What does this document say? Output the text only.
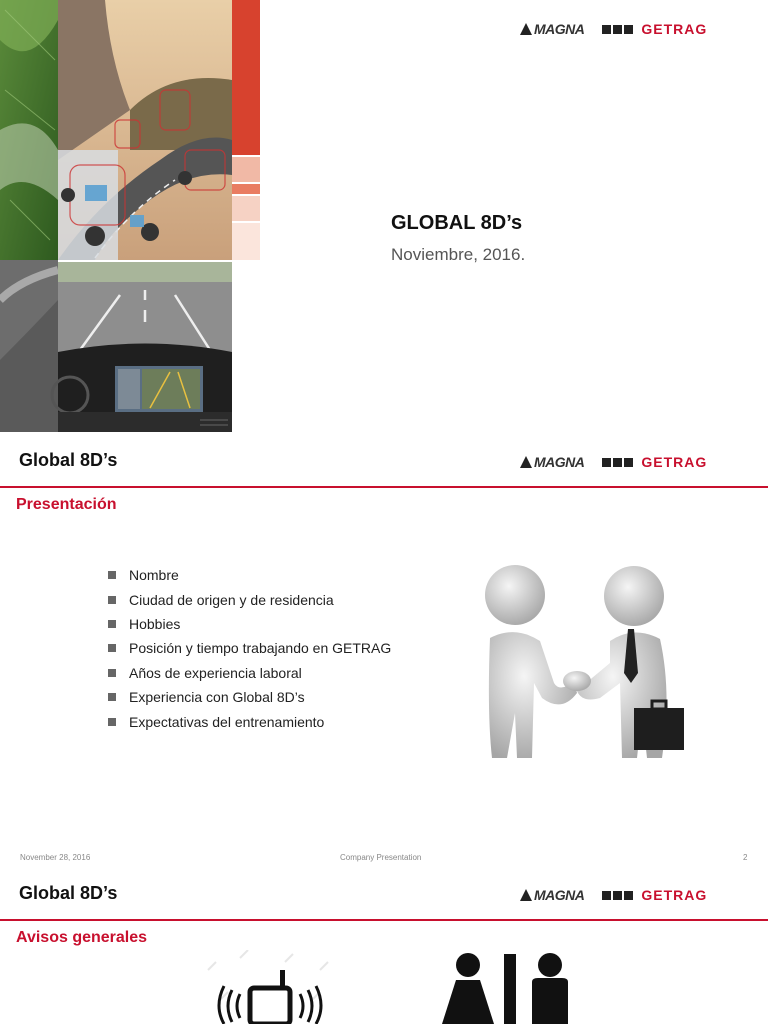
MAGNA	GETRAG
GLOBAL 8D’s
Noviembre, 2016.
Global 8D’s	MAGNA	GETRAG
Presentación
Nombre
Ciudad de origen y de residencia
Hobbies
Posición y tiempo trabajando en GETRAG
Años de experiencia laboral
Experiencia con Global 8D’s
Expectativas del entrenamiento
November 28, 2016	Company Presentation	2
Global 8D’s	MAGNA	GETRAG
Avisos generales
